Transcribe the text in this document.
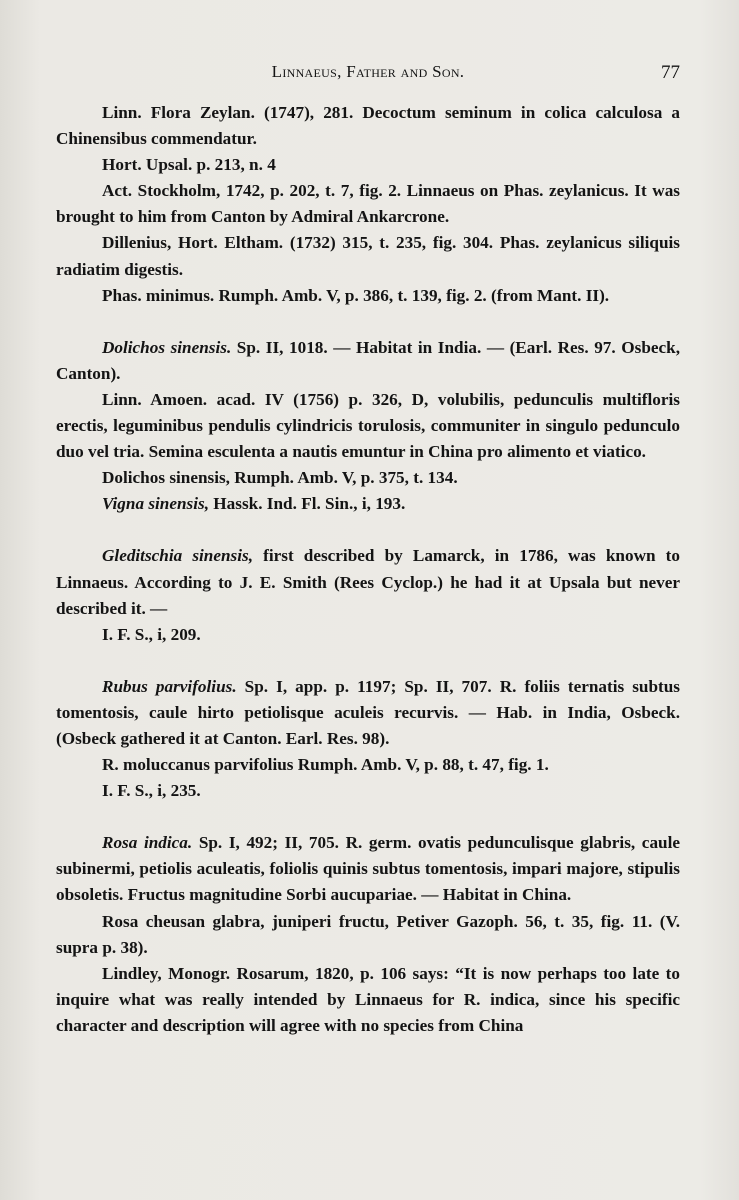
Linnaeus, Father and Son.	77

Linn. Flora Zeylan. (1747), 281. Decoctum seminum in colica calculosa a Chinensibus commendatur.

Hort. Upsal. p. 213, n. 4

Act. Stockholm, 1742, p. 202, t. 7, fig. 2. Linnaeus on Phas. zeylanicus. It was brought to him from Canton by Admiral Ankarcrone.

Dillenius, Hort. Eltham. (1732) 315, t. 235, fig. 304. Phas. zeylanicus siliquis radiatim digestis.

Phas. minimus. Rumph. Amb. V, p. 386, t. 139, fig. 2. (from Mant. II).

Dolichos sinensis. Sp. II, 1018. — Habitat in India. — (Earl. Res. 97. Osbeck, Canton).

Linn. Amoen. acad. IV (1756) p. 326, D, volubilis, pedunculis multifloris erectis, leguminibus pendulis cylindricis torulosis, communiter in singulo pedunculo duo vel tria. Semina esculenta a nautis emuntur in China pro alimento et viatico.

Dolichos sinensis, Rumph. Amb. V, p. 375, t. 134.

Vigna sinensis, Hassk. Ind. Fl. Sin., i, 193.

Gleditschia sinensis, first described by Lamarck, in 1786, was known to Linnaeus. According to J. E. Smith (Rees Cyclop.) he had it at Upsala but never described it. —

I. F. S., i, 209.

Rubus parvifolius. Sp. I, app. p. 1197; Sp. II, 707. R. foliis ternatis subtus tomentosis, caule hirto petiolisque aculeis recurvis. — Hab. in India, Osbeck. (Osbeck gathered it at Canton. Earl. Res. 98).

R. moluccanus parvifolius Rumph. Amb. V, p. 88, t. 47, fig. 1.

I. F. S., i, 235.

Rosa indica. Sp. I, 492; II, 705. R. germ. ovatis pedunculisque glabris, caule subinermi, petiolis aculeatis, foliolis quinis subtus tomentosis, impari majore, stipulis obsoletis. Fructus magnitudine Sorbi aucupariae. — Habitat in China.

Rosa cheusan glabra, juniperi fructu, Petiver Gazoph. 56, t. 35, fig. 11. (V. supra p. 38).

Lindley, Monogr. Rosarum, 1820, p. 106 says: “It is now perhaps too late to inquire what was really intended by Linnaeus for R. indica, since his specific character and description will agree with no species from China
